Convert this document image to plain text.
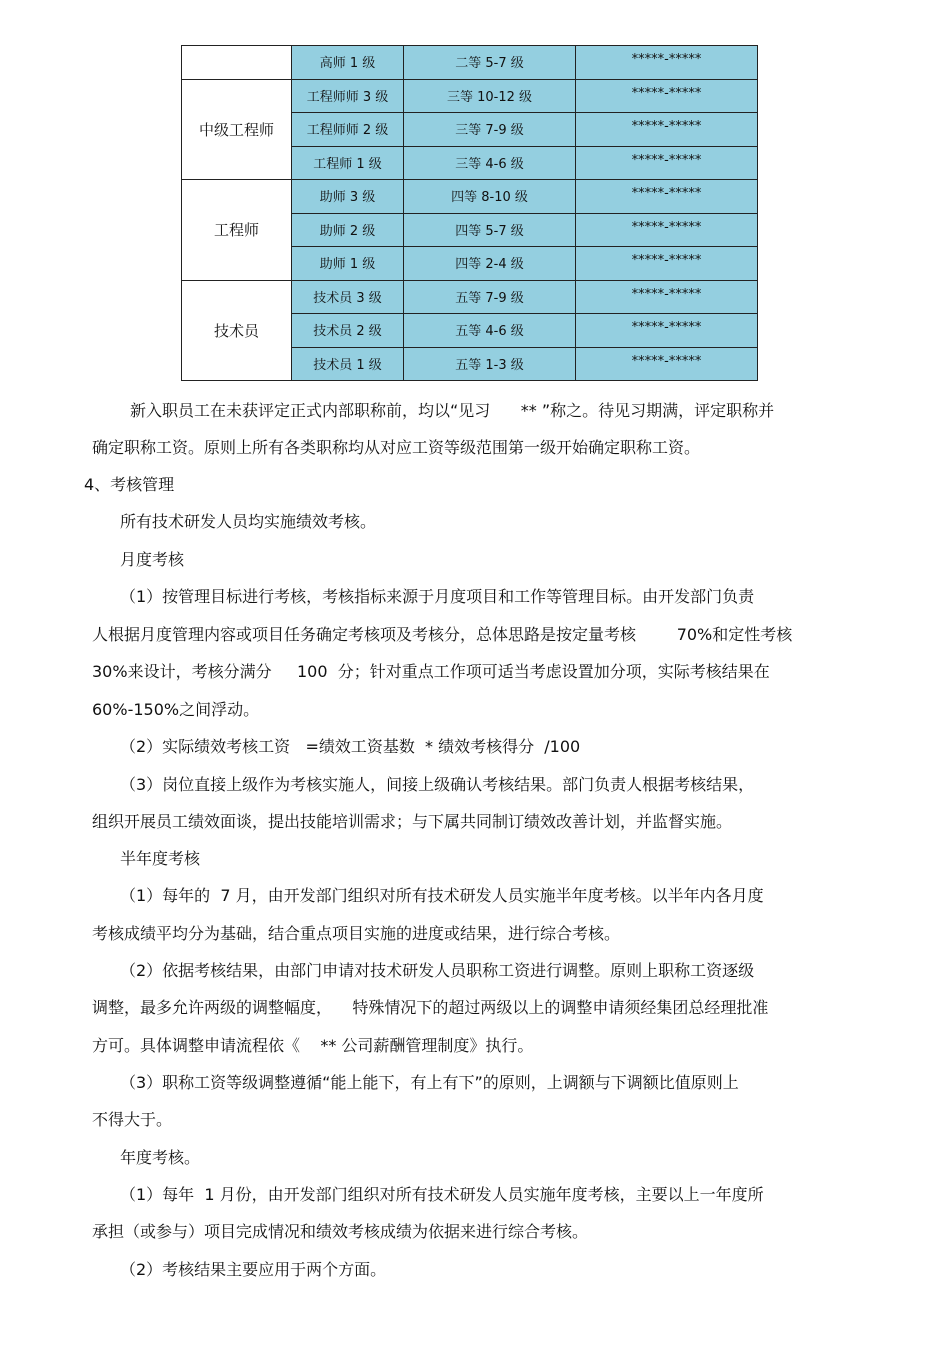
	高师 1 级	二等 5-7 级	*****-*****
中级工程师	工程师师 3 级	三等 10-12 级	*****-*****
	工程师师 2 级	三等 7-9 级	*****-*****
	工程师 1 级	三等 4-6 级	*****-*****
工程师	助师 3 级	四等 8-10 级	*****-*****
	助师 2 级	四等 5-7 级	*****-*****
	助师 1 级	四等 2-4 级	*****-*****
技术员	技术员 3 级	五等 7-9 级	*****-*****
	技术员 2 级	五等 4-6 级	*****-*****
	技术员 1 级	五等 1-3 级	*****-*****
新入职员工在未获评定正式内部职称前，均以“见习      ** ”称之。待见习期满，评定职称并
确定职称工资。原则上所有各类职称均从对应工资等级范围第一级开始确定职称工资。
4、考核管理
所有技术研发人员均实施绩效考核。
月度考核
（1）按管理目标进行考核，考核指标来源于月度项目和工作等管理目标。由开发部门负责
人根据月度管理内容或项目任务确定考核项及考核分，总体思路是按定量考核        70%和定性考核
30%来设计，考核分满分     100  分；针对重点工作项可适当考虑设置加分项，实际考核结果在
60%-150%之间浮动。
（2）实际绩效考核工资   =绩效工资基数  * 绩效考核得分  /100
（3）岗位直接上级作为考核实施人，间接上级确认考核结果。部门负责人根据考核结果，
组织开展员工绩效面谈，提出技能培训需求；与下属共同制订绩效改善计划，并监督实施。
半年度考核
（1）每年的  7 月，由开发部门组织对所有技术研发人员实施半年度考核。以半年内各月度
考核成绩平均分为基础，结合重点项目实施的进度或结果，进行综合考核。
（2）依据考核结果，由部门申请对技术研发人员职称工资进行调整。原则上职称工资逐级
调整，最多允许两级的调整幅度，    特殊情况下的超过两级以上的调整申请须经集团总经理批准
方可。具体调整申请流程依《    ** 公司薪酬管理制度》执行。
（3）职称工资等级调整遵循“能上能下，有上有下”的原则，上调额与下调额比值原则上
不得大于。
年度考核。
（1）每年  1 月份，由开发部门组织对所有技术研发人员实施年度考核，主要以上一年度所
承担（或参与）项目完成情况和绩效考核成绩为依据来进行综合考核。
（2）考核结果主要应用于两个方面。
